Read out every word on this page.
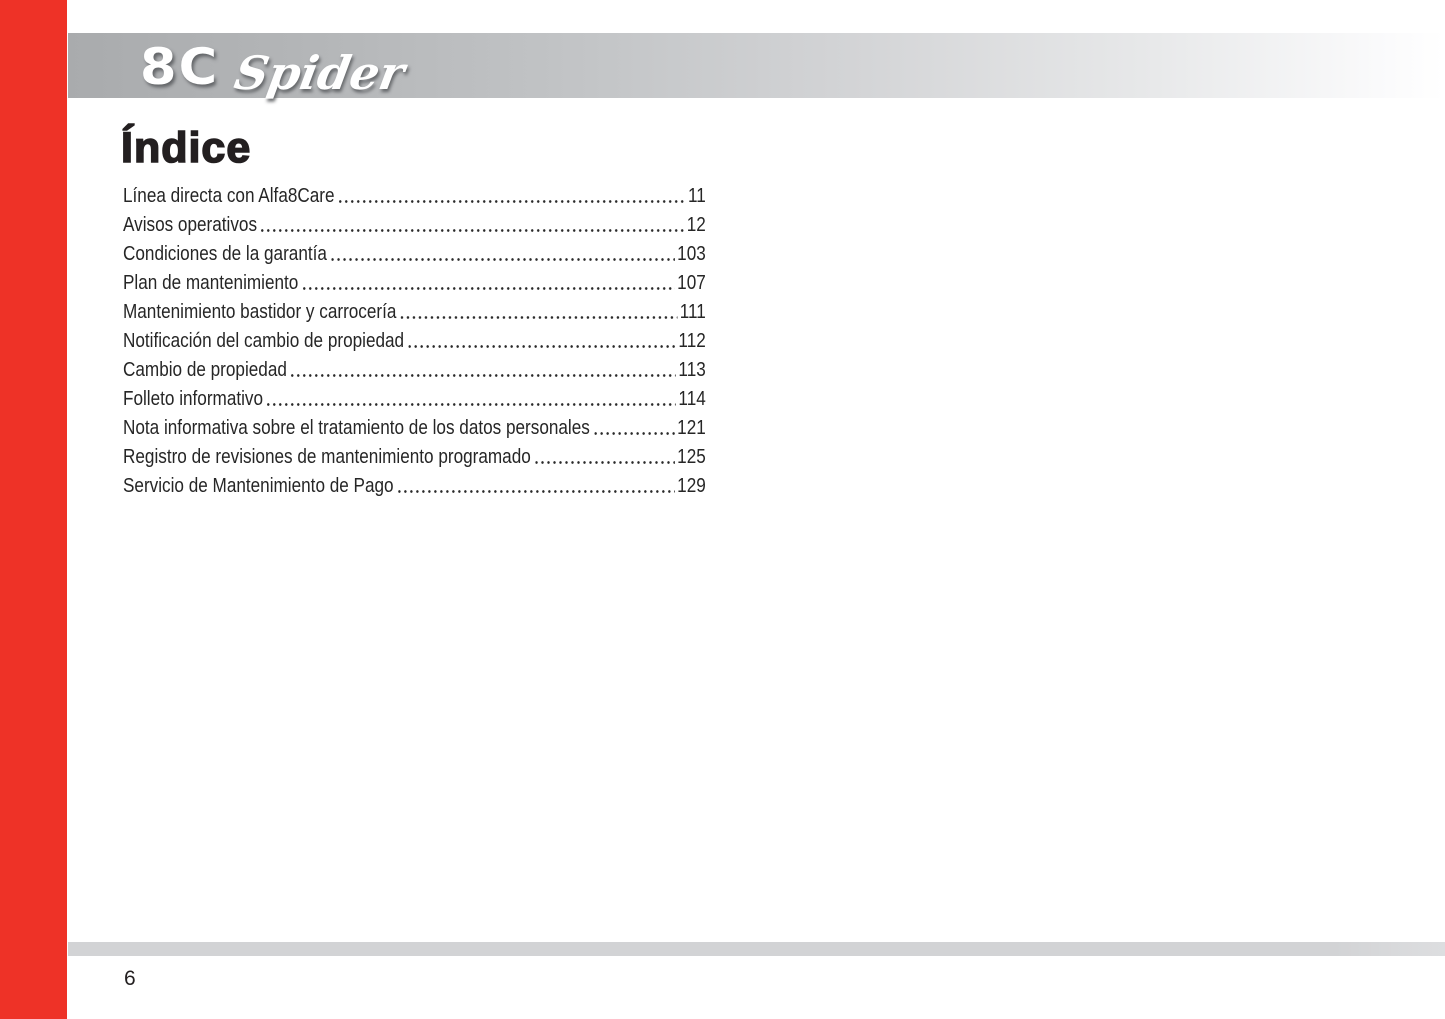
8C Spider
Índice
Línea directa con Alfa8Care	11
Avisos operativos	12
Condiciones de la garantía	103
Plan de mantenimiento	107
Mantenimiento bastidor y carrocería	111
Notificación del cambio de propiedad	112
Cambio de propiedad	113
Folleto informativo	114
Nota informativa sobre el tratamiento de los datos personales	121
Registro de revisiones de mantenimiento programado	125
Servicio de Mantenimiento de Pago	129
6
